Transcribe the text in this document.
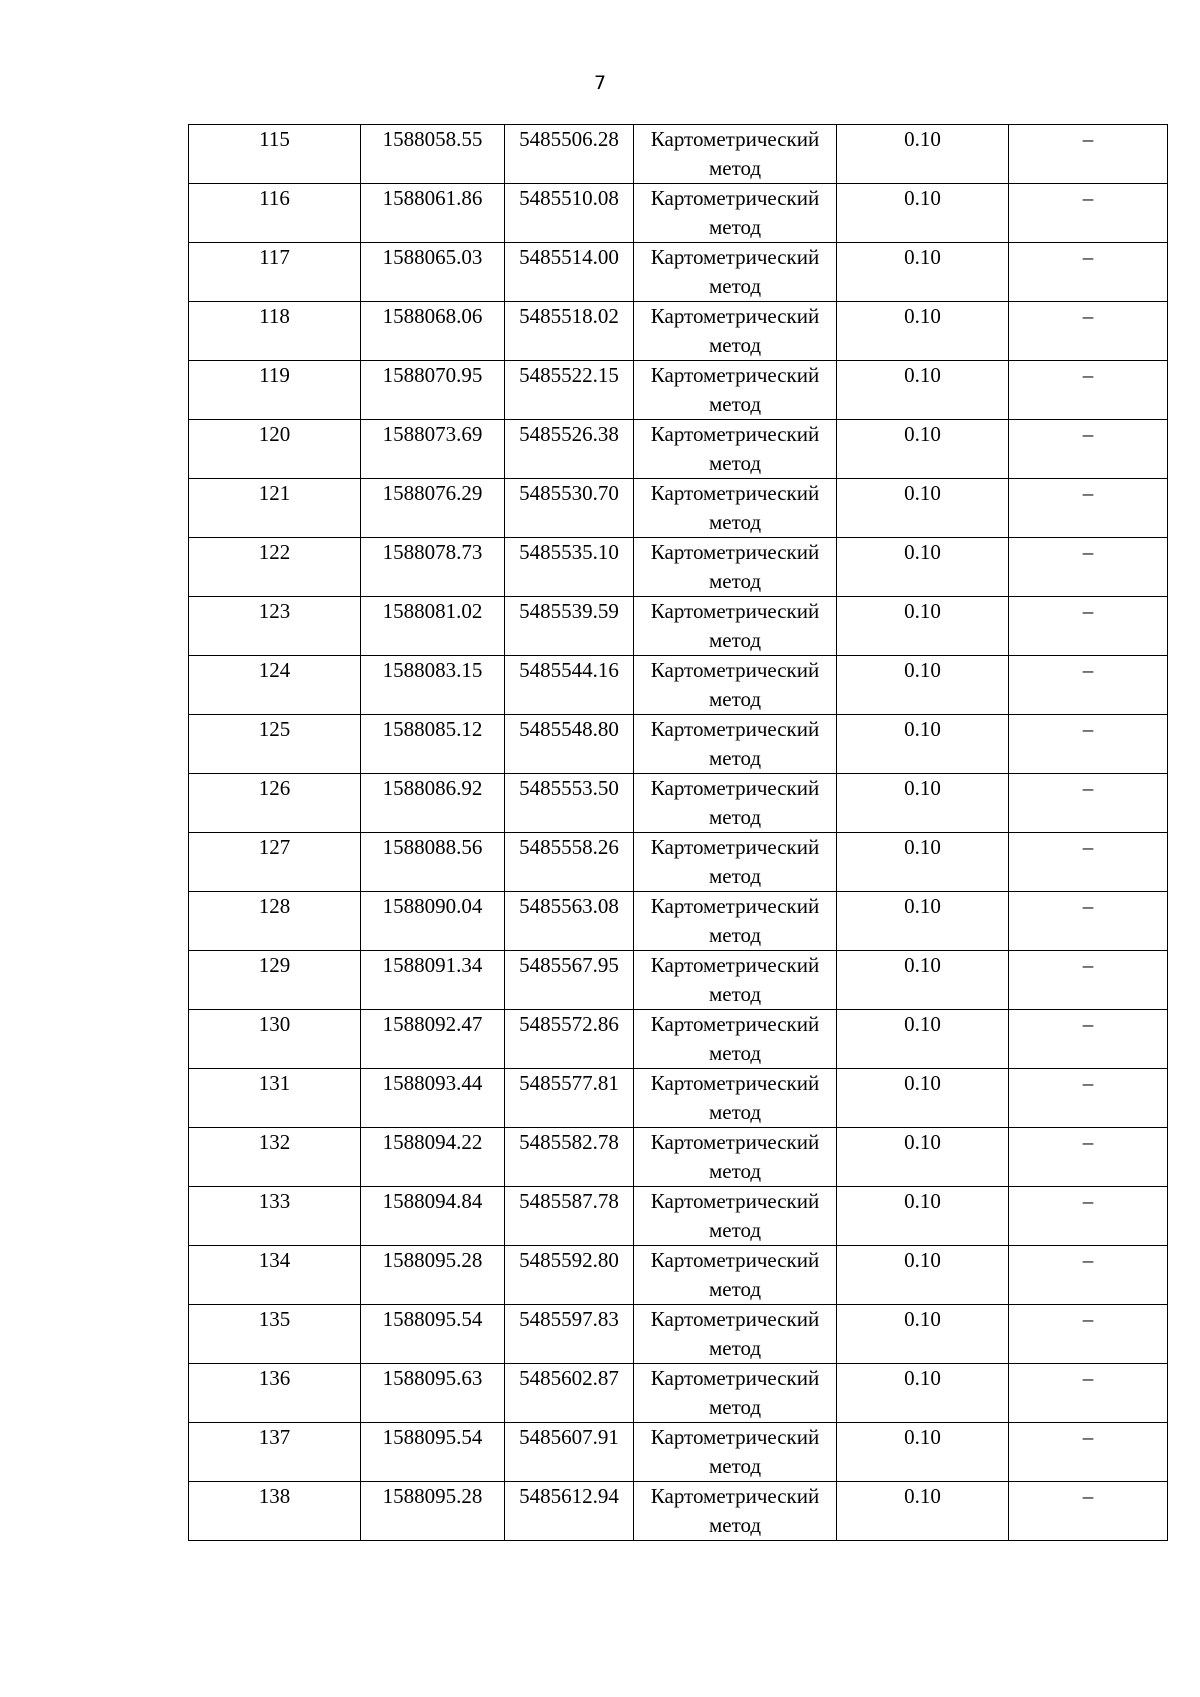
7
115	1588058.55	5485506.28	Картометрический метод	0.10	–
116	1588061.86	5485510.08	Картометрический метод	0.10	–
117	1588065.03	5485514.00	Картометрический метод	0.10	–
118	1588068.06	5485518.02	Картометрический метод	0.10	–
119	1588070.95	5485522.15	Картометрический метод	0.10	–
120	1588073.69	5485526.38	Картометрический метод	0.10	–
121	1588076.29	5485530.70	Картометрический метод	0.10	–
122	1588078.73	5485535.10	Картометрический метод	0.10	–
123	1588081.02	5485539.59	Картометрический метод	0.10	–
124	1588083.15	5485544.16	Картометрический метод	0.10	–
125	1588085.12	5485548.80	Картометрический метод	0.10	–
126	1588086.92	5485553.50	Картометрический метод	0.10	–
127	1588088.56	5485558.26	Картометрический метод	0.10	–
128	1588090.04	5485563.08	Картометрический метод	0.10	–
129	1588091.34	5485567.95	Картометрический метод	0.10	–
130	1588092.47	5485572.86	Картометрический метод	0.10	–
131	1588093.44	5485577.81	Картометрический метод	0.10	–
132	1588094.22	5485582.78	Картометрический метод	0.10	–
133	1588094.84	5485587.78	Картометрический метод	0.10	–
134	1588095.28	5485592.80	Картометрический метод	0.10	–
135	1588095.54	5485597.83	Картометрический метод	0.10	–
136	1588095.63	5485602.87	Картометрический метод	0.10	–
137	1588095.54	5485607.91	Картометрический метод	0.10	–
138	1588095.28	5485612.94	Картометрический метод	0.10	–
